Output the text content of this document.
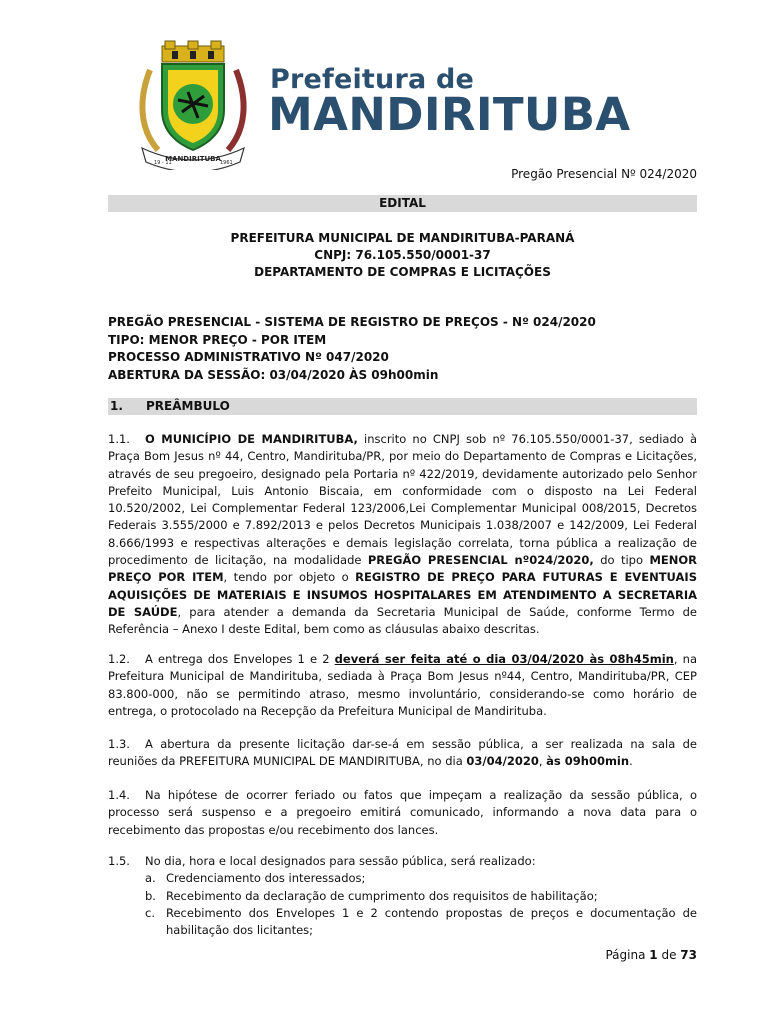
MANDIRITUBA
19 - 11	1961
Prefeitura de
MANDIRITUBA
Pregão Presencial Nº 024/2020
EDITAL
PREFEITURA MUNICIPAL DE MANDIRITUBA-PARANÁ
CNPJ: 76.105.550/0001-37
DEPARTAMENTO DE COMPRAS E LICITAÇÕES
PREGÃO PRESENCIAL - SISTEMA DE REGISTRO DE PREÇOS - Nº 024/2020
TIPO: MENOR PREÇO - POR ITEM
PROCESSO ADMINISTRATIVO Nº 047/2020
ABERTURA DA SESSÃO: 03/04/2020 ÀS 09h00min
1. PREÂMBULO
1.1. O MUNICÍPIO DE MANDIRITUBA, inscrito no CNPJ sob nº 76.105.550/0001-37, sediado à Praça Bom Jesus nº 44, Centro, Mandirituba/PR, por meio do Departamento de Compras e Licitações, através de seu pregoeiro, designado pela Portaria nº 422/2019, devidamente autorizado pelo Senhor Prefeito Municipal, Luis Antonio Biscaia, em conformidade com o disposto na Lei Federal 10.520/2002, Lei Complementar Federal 123/2006,Lei Complementar Municipal 008/2015, Decretos Federais 3.555/2000 e 7.892/2013 e pelos Decretos Municipais 1.038/2007 e 142/2009, Lei Federal 8.666/1993 e respectivas alterações e demais legislação correlata, torna pública a realização de procedimento de licitação, na modalidade PREGÃO PRESENCIAL nº024/2020, do tipo MENOR PREÇO POR ITEM, tendo por objeto o REGISTRO DE PREÇO PARA FUTURAS E EVENTUAIS AQUISIÇÕES DE MATERIAIS E INSUMOS HOSPITALARES EM ATENDIMENTO A SECRETARIA DE SAÚDE, para atender a demanda da Secretaria Municipal de Saúde, conforme Termo de Referência – Anexo I deste Edital, bem como as cláusulas abaixo descritas.
1.2. A entrega dos Envelopes 1 e 2 deverá ser feita até o dia 03/04/2020 às 08h45min, na Prefeitura Municipal de Mandirituba, sediada à Praça Bom Jesus nº44, Centro, Mandirituba/PR, CEP 83.800-000, não se permitindo atraso, mesmo involuntário, considerando-se como horário de entrega, o protocolado na Recepção da Prefeitura Municipal de Mandirituba.
1.3. A abertura da presente licitação dar-se-á em sessão pública, a ser realizada na sala de reuniões da PREFEITURA MUNICIPAL DE MANDIRITUBA, no dia 03/04/2020, às 09h00min.
1.4. Na hipótese de ocorrer feriado ou fatos que impeçam a realização da sessão pública, o processo será suspenso e a pregoeiro emitirá comunicado, informando a nova data para o recebimento das propostas e/ou recebimento dos lances.
1.5. No dia, hora e local designados para sessão pública, será realizado:
a. Credenciamento dos interessados;
b. Recebimento da declaração de cumprimento dos requisitos de habilitação;
c. Recebimento dos Envelopes 1 e 2 contendo propostas de preços e documentação de habilitação dos licitantes;
Página 1 de 73
